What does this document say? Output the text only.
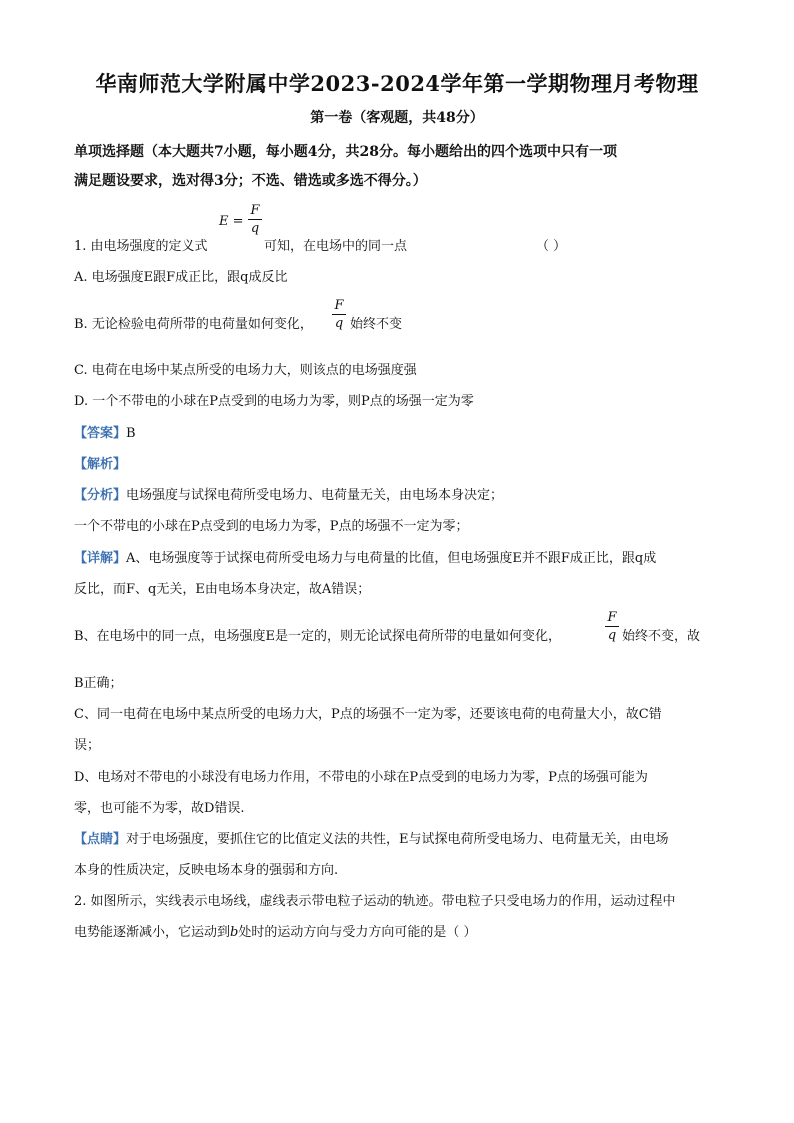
华南师范大学附属中学2023-2024学年第一学期物理月考物理
第一卷（客观题，共48分）
单项选择题（本大题共7小题，每小题4分，共28分。每小题给出的四个选项中只有一项
满足题设要求，选对得3分；不选、错选或多选不得分。）
1. 由电场强度的定义式
E =
F
q
可知，在电场中的同一点	（ ）
A. 电场强度E跟F成正比，跟q成反比
B. 无论检验电荷所带的电荷量如何变化，
F
q 始终不变
C. 电荷在电场中某点所受的电场力大，则该点的电场强度强
D. 一个不带电的小球在P点受到的电场力为零，则P点的场强一定为零
【答案】B
【解析】
【分析】电场强度与试探电荷所受电场力、电荷量无关，由电场本身决定；
一个不带电的小球在P点受到的电场力为零，P点的场强不一定为零；
【详解】A、电场强度等于试探电荷所受电场力与电荷量的比值，但电场强度E并不跟F成正比，跟q成
反比，而F、q无关，E由电场本身决定，故A错误；
B、在电场中的同一点，电场强度E是一定的，则无论试探电荷所带的电量如何变化，
F
q 始终不变，故
B正确；
C、同一电荷在电场中某点所受的电场力大，P点的场强不一定为零，还要该电荷的电荷量大小，故C错
误；
D、电场对不带电的小球没有电场力作用，不带电的小球在P点受到的电场力为零，P点的场强可能为
零，也可能不为零，故D错误.
【点睛】对于电场强度，要抓住它的比值定义法的共性，E与试探电荷所受电场力、电荷量无关，由电场
本身的性质决定，反映电场本身的强弱和方向.
2. 如图所示，实线表示电场线，虚线表示带电粒子运动的轨迹。带电粒子只受电场力的作用，运动过程中
电势能逐渐减小，它运动到b处时的运动方向与受力方向可能的是（ ）
